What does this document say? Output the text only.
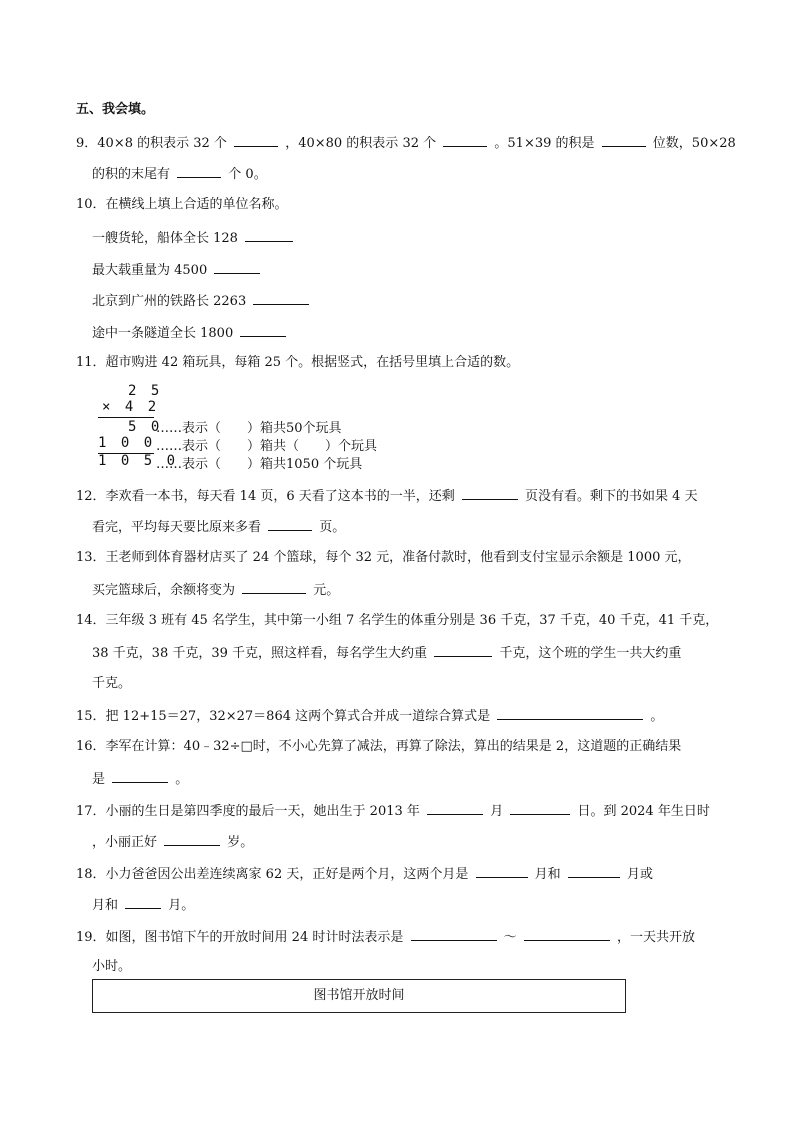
五、我会填。
9．40×8 的积表示 32 个	，40×80 的积表示 32 个	。51×39 的积是	位数，50×28
的积的末尾有	个 0。
10．在横线上填上合适的单位名称。
一艘货轮，船体全长 128
最大载重量为 4500
北京到广州的铁路长 2263
途中一条隧道全长 1800
11．超市购进 42 箱玩具，每箱 25 个。根据竖式，在括号里填上合适的数。
2 5
× 4 2
5 0
1 0 0
1 0 5 0
……表示（　　）箱共50个玩具
……表示（　　）箱共（　　）个玩具
……表示（　　）箱共1050 个玩具
12．李欢看一本书，每天看 14 页，6 天看了这本书的一半，还剩	页没有看。剩下的书如果 4 天
看完，平均每天要比原来多看	页。
13．王老师到体育器材店买了 24 个篮球，每个 32 元，准备付款时，他看到支付宝显示余额是 1000 元，
买完篮球后，余额将变为	元。
14．三年级 3 班有 45 名学生，其中第一小组 7 名学生的体重分别是 36 千克，37 千克，40 千克，41 千克，
38 千克，38 千克，39 千克，照这样看，每名学生大约重	千克，这个班的学生一共大约重
千克。
15．把 12+15＝27，32×27＝864 这两个算式合并成一道综合算式是	。
16．李军在计算：40﹣32÷□时，不小心先算了减法，再算了除法，算出的结果是 2，这道题的正确结果
是	。
17．小丽的生日是第四季度的最后一天，她出生于 2013 年	月	日。到 2024 年生日时
，小丽正好	岁。
18．小力爸爸因公出差连续离家 62 天，正好是两个月，这两个月是	月和	月或
月和	月。
19．如图，图书馆下午的开放时间用 24 时计时法表示是	～	，一天共开放
小时。
图书馆开放时间
